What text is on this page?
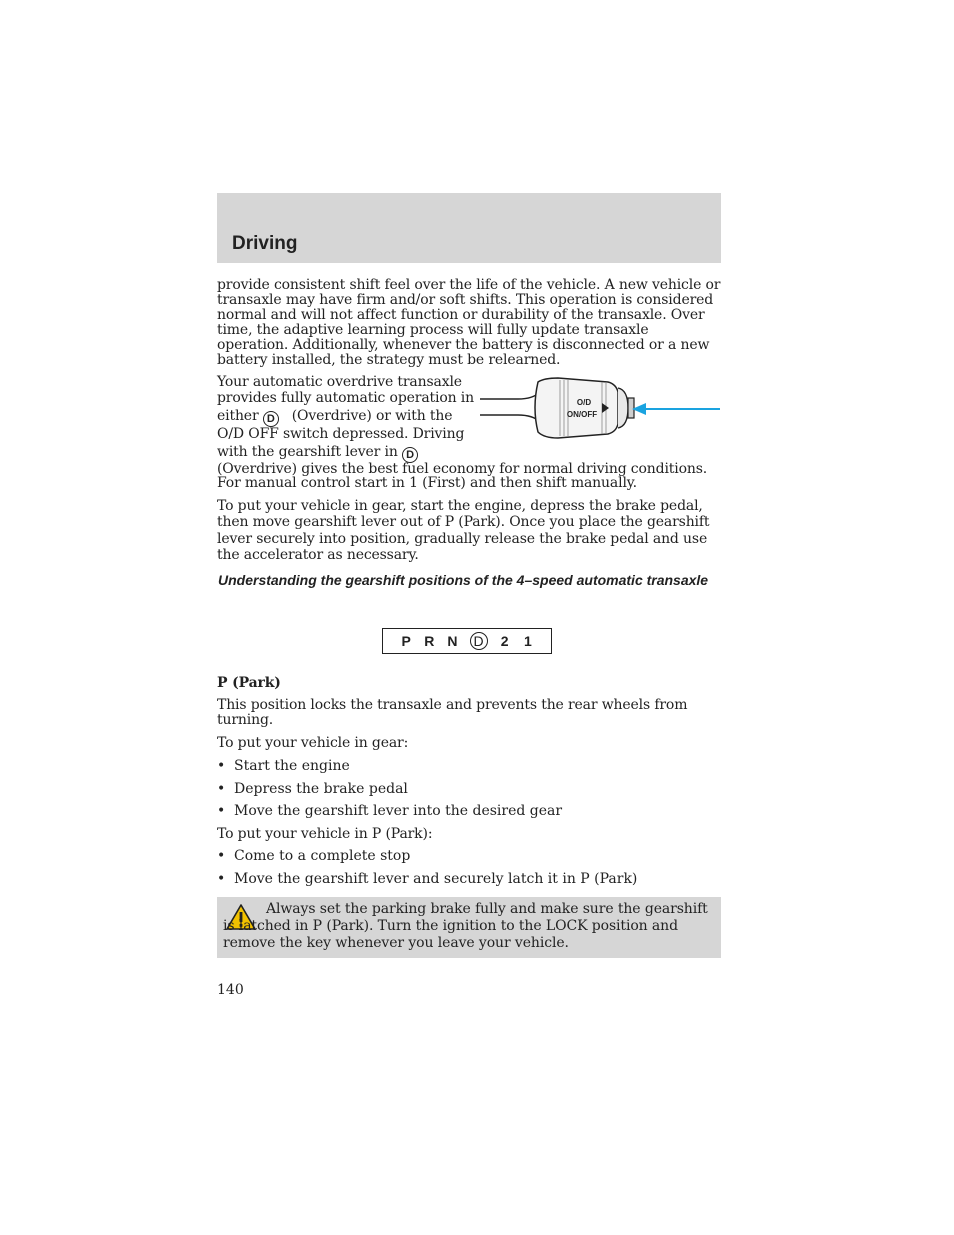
Driving

provide consistent shift feel over the life of the vehicle. A new vehicle or transaxle may have firm and/or soft shifts. This operation is considered normal and will not affect function or durability of the transaxle. Over time, the adaptive learning process will fully update transaxle operation. Additionally, whenever the battery is disconnected or a new battery installed, the strategy must be relearned.

Your automatic overdrive transaxle
provides fully automatic operation in
either D (Overdrive) or with the
O/D OFF switch depressed. Driving
with the gearshift lever in D
(Overdrive) gives the best fuel economy for normal driving conditions.
For manual control start in 1 (First) and then shift manually.
O/D
ON/OFF

To put your vehicle in gear, start the engine, depress the brake pedal, then move gearshift lever out of P (Park). Once you place the gearshift lever securely into position, gradually release the brake pedal and use the accelerator as necessary.

Understanding the gearshift positions of the 4–speed automatic transaxle
P R N D 2 1

P (Park)

This position locks the transaxle and prevents the rear wheels from turning.

To put your vehicle in gear:

• Start the engine
• Depress the brake pedal
• Move the gearshift lever into the desired gear

To put your vehicle in P (Park):

• Come to a complete stop
• Move the gearshift lever and securely latch it in P (Park)

Always set the parking brake fully and make sure the gearshift is latched in P (Park). Turn the ignition to the LOCK position and remove the key whenever you leave your vehicle.

140
